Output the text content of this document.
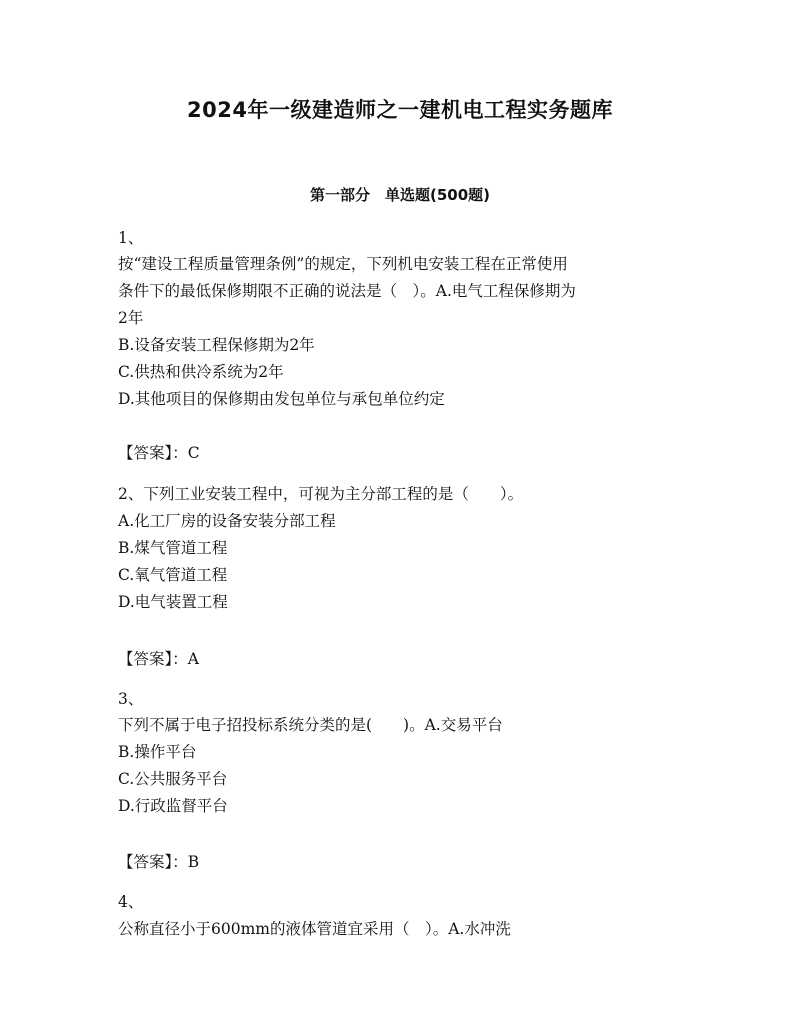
2024年一级建造师之一建机电工程实务题库
第一部分　单选题(500题)
1、
按“建设工程质量管理条例”的规定，下列机电安装工程在正常使用
条件下的最低保修期限不正确的说法是（　）。A.电气工程保修期为
2年
B.设备安装工程保修期为2年
C.供热和供冷系统为2年
D.其他项目的保修期由发包单位与承包单位约定
【答案】：C
2、下列工业安装工程中，可视为主分部工程的是（　　）。
A.化工厂房的设备安装分部工程
B.煤气管道工程
C.氧气管道工程
D.电气装置工程
【答案】：A
3、
下列不属于电子招投标系统分类的是(　　)。A.交易平台
B.操作平台
C.公共服务平台
D.行政监督平台
【答案】：B
4、
公称直径小于600mm的液体管道宜采用（　）。A.水冲洗
